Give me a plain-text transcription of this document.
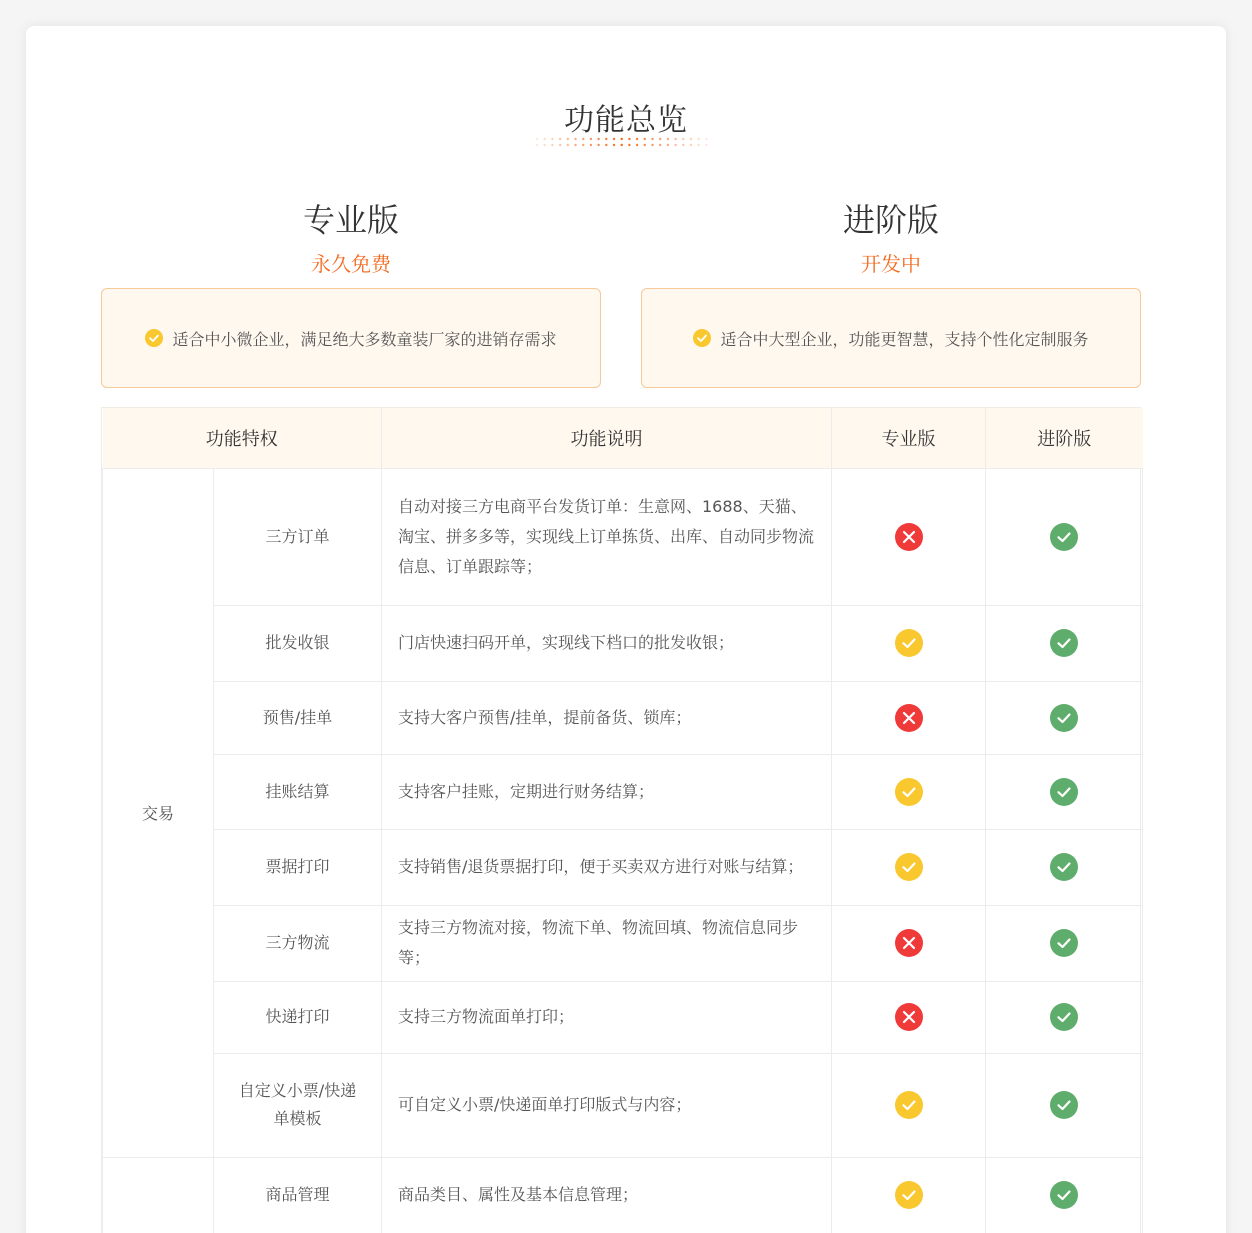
功能总览
专业版
永久免费
进阶版
开发中
适合中小微企业，满足绝大多数童装厂家的进销存需求	适合中大型企业，功能更智慧，支持个性化定制服务
功能特权		功能说明	专业版	进阶版
交易	三方订单	自动对接三方电商平台发货订单：生意网、1688、天猫、淘宝、拼多多等，实现线上订单拣货、出库、自动同步物流信息、订单跟踪等；	

	批发收银	门店快速扫码开单，实现线下档口的批发收银；	

	预售/挂单	支持大客户预售/挂单，提前备货、锁库；	

	挂账结算	支持客户挂账，定期进行财务结算；	

	票据打印	支持销售/退货票据打印，便于买卖双方进行对账与结算；	

	三方物流	支持三方物流对接，物流下单、物流回填、物流信息同步等；	

	快递打印	支持三方物流面单打印；	

	自定义小票/快递单模板	可自定义小票/快递面单打印版式与内容；	

	商品管理	商品类目、属性及基本信息管理；	
